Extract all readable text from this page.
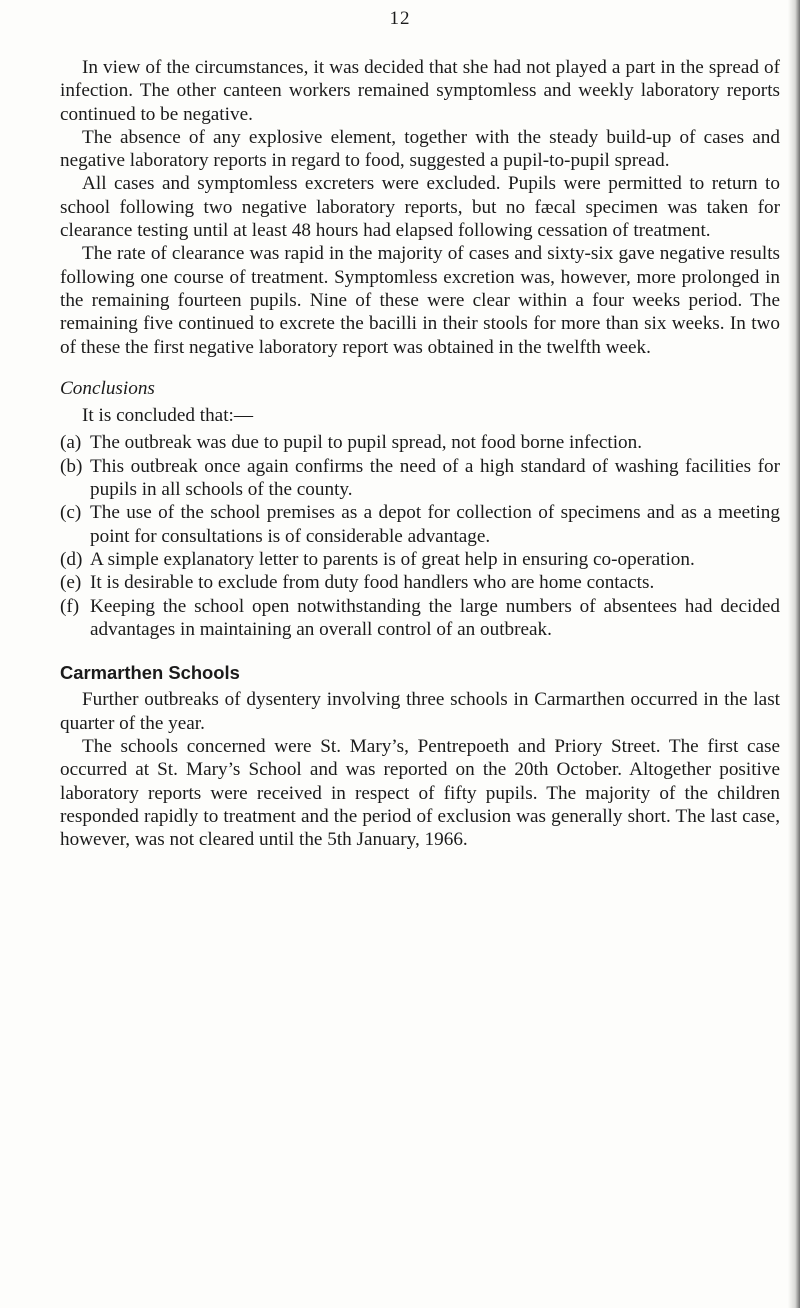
12

In view of the circumstances, it was decided that she had not played a part in the spread of infection. The other canteen workers remained symptomless and weekly laboratory reports continued to be negative.

The absence of any explosive element, together with the steady build-up of cases and negative laboratory reports in regard to food, suggested a pupil-to-pupil spread.

All cases and symptomless excreters were excluded. Pupils were permitted to return to school following two negative laboratory reports, but no fæcal specimen was taken for clearance testing until at least 48 hours had elapsed following cessation of treatment.

The rate of clearance was rapid in the majority of cases and sixty-six gave negative results following one course of treatment. Symptomless excretion was, however, more prolonged in the remaining fourteen pupils. Nine of these were clear within a four weeks period. The remaining five continued to excrete the bacilli in their stools for more than six weeks. In two of these the first negative laboratory report was obtained in the twelfth week.

Conclusions

It is concluded that:—

(a) The outbreak was due to pupil to pupil spread, not food borne infection.
(b) This outbreak once again confirms the need of a high standard of washing facilities for pupils in all schools of the county.
(c) The use of the school premises as a depot for collection of specimens and as a meeting point for consultations is of considerable advantage.
(d) A simple explanatory letter to parents is of great help in ensuring co-operation.
(e) It is desirable to exclude from duty food handlers who are home contacts.
(f) Keeping the school open notwithstanding the large numbers of absentees had decided advantages in maintaining an overall control of an outbreak.
Carmarthen Schools

Further outbreaks of dysentery involving three schools in Carmarthen occurred in the last quarter of the year.

The schools concerned were St. Mary’s, Pentrepoeth and Priory Street. The first case occurred at St. Mary’s School and was reported on the 20th October. Altogether positive laboratory reports were received in respect of fifty pupils. The majority of the children responded rapidly to treatment and the period of exclusion was generally short. The last case, however, was not cleared until the 5th January, 1966.
